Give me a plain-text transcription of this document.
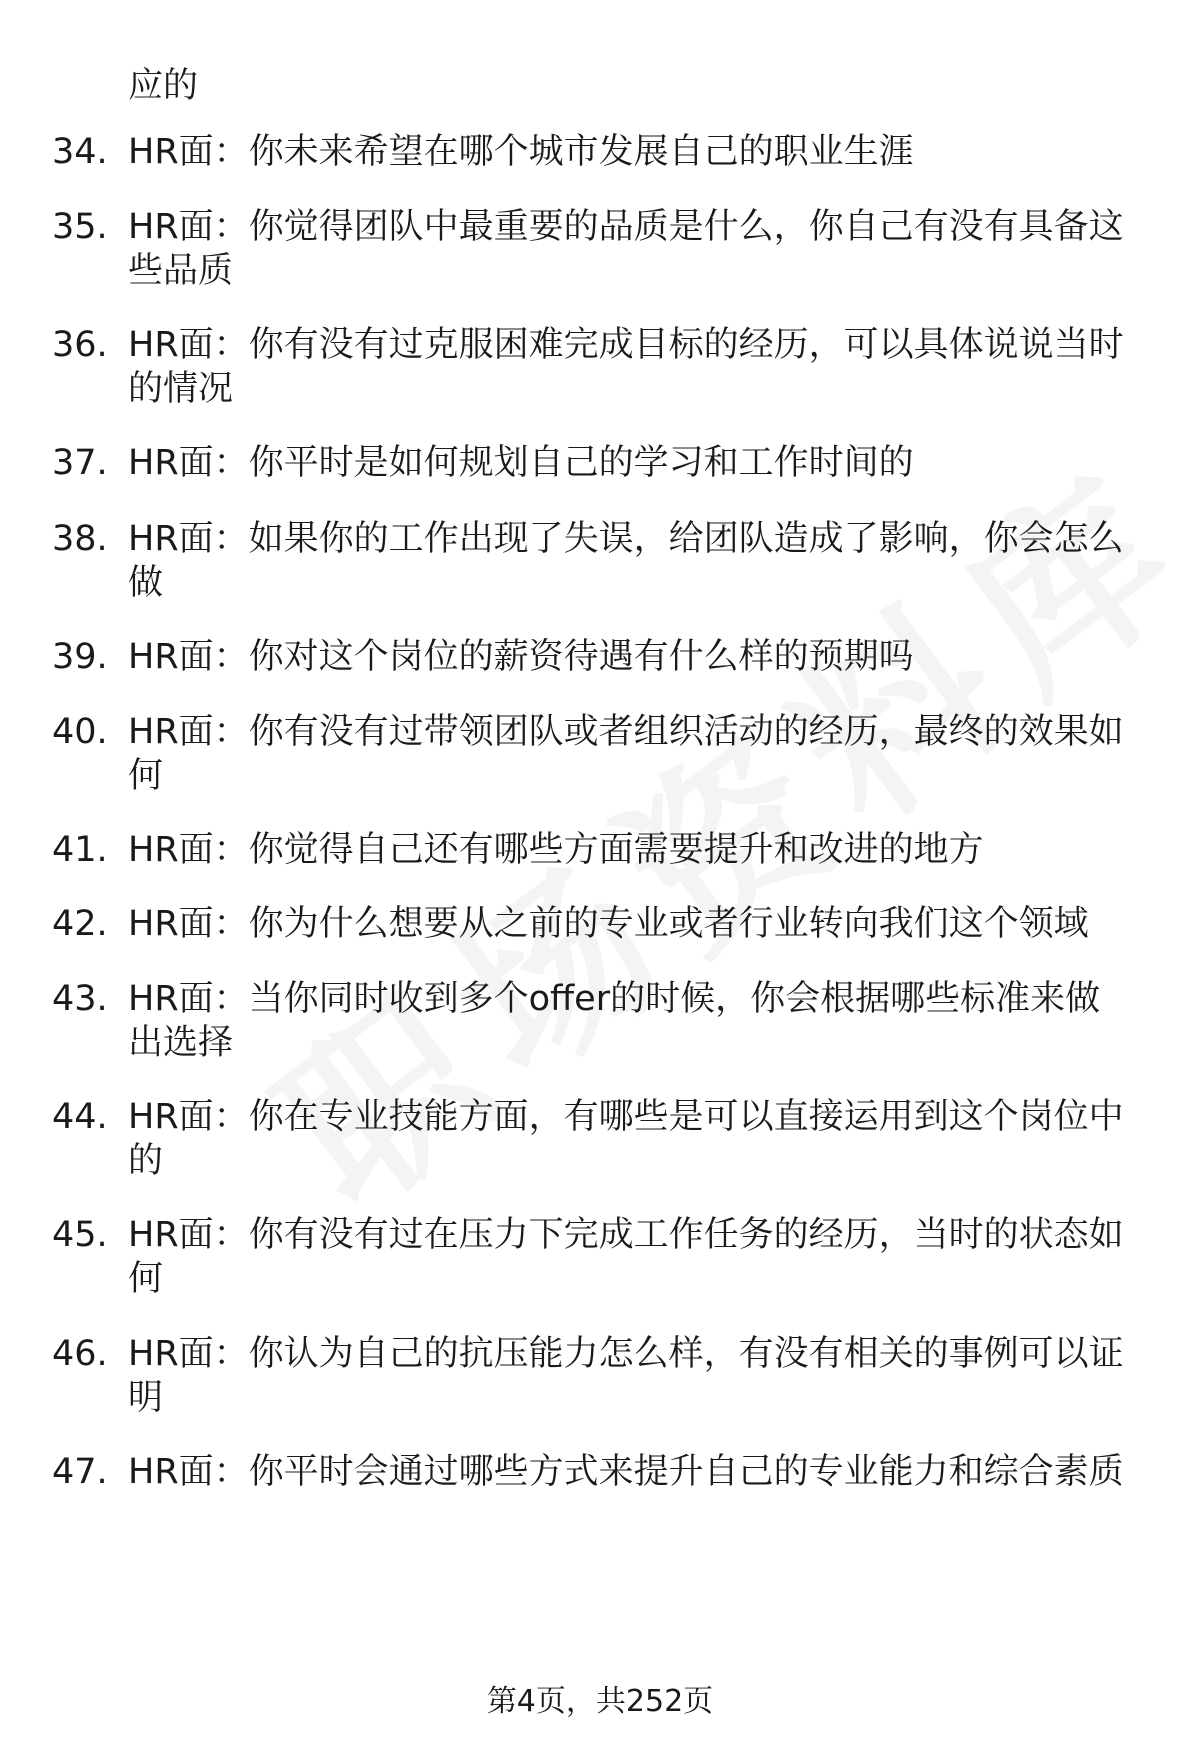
应的
34. HR面：你未来希望在哪个城市发展自己的职业生涯
35. HR面：你觉得团队中最重要的品质是什么，你自己有没有具备这
些品质
36. HR面：你有没有过克服困难完成目标的经历，可以具体说说当时
的情况
37. HR面：你平时是如何规划自己的学习和工作时间的
38. HR面：如果你的工作出现了失误，给团队造成了影响，你会怎么
做
39. HR面：你对这个岗位的薪资待遇有什么样的预期吗
40. HR面：你有没有过带领团队或者组织活动的经历，最终的效果如
何
41. HR面：你觉得自己还有哪些方面需要提升和改进的地方
42. HR面：你为什么想要从之前的专业或者行业转向我们这个领域
43. HR面：当你同时收到多个offer的时候，你会根据哪些标准来做
出选择
44. HR面：你在专业技能方面，有哪些是可以直接运用到这个岗位中
的
45. HR面：你有没有过在压力下完成工作任务的经历，当时的状态如
何
46. HR面：你认为自己的抗压能力怎么样，有没有相关的事例可以证
明
47. HR面：你平时会通过哪些方式来提升自己的专业能力和综合素质
第4页，共252页
